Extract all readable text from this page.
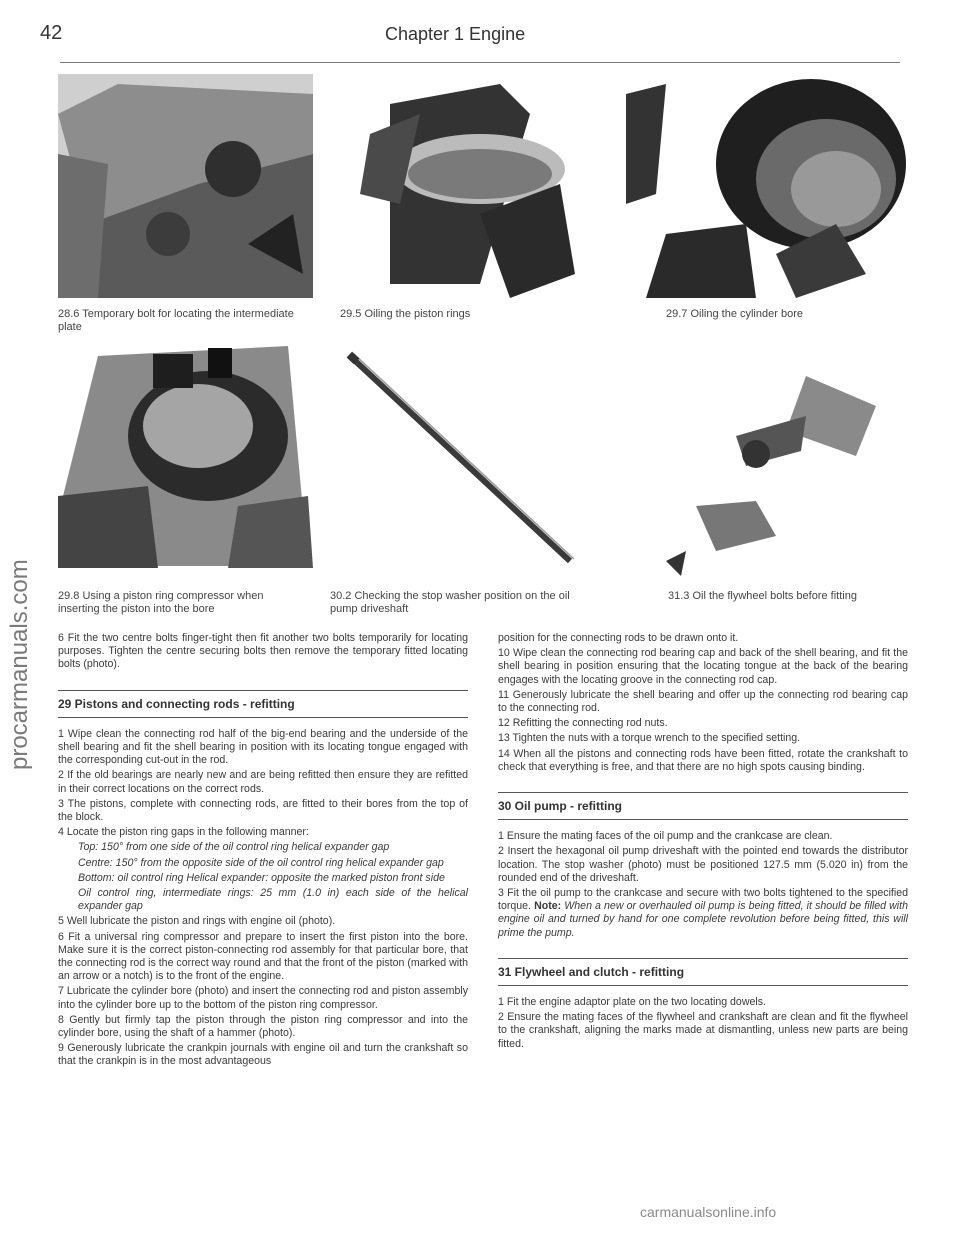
42	Chapter 1 Engine
procarmanuals.com
28.6 Temporary bolt for locating the intermediate plate
29.5 Oiling the piston rings	29.7 Oiling the cylinder bore
29.8 Using a piston ring compressor when inserting the piston into the bore
30.2 Checking the stop washer position on the oil pump driveshaft
31.3 Oil the flywheel bolts before fitting

6 Fit the two centre bolts finger-tight then fit another two bolts temporarily for locating purposes. Tighten the centre securing bolts then remove the temporary fitted locating bolts (photo).

29 Pistons and connecting rods - refitting

1 Wipe clean the connecting rod half of the big-end bearing and the underside of the shell bearing and fit the shell bearing in position with its locating tongue engaged with the corresponding cut-out in the rod.

2 If the old bearings are nearly new and are being refitted then ensure they are refitted in their correct locations on the correct rods.

3 The pistons, complete with connecting rods, are fitted to their bores from the top of the block.

4 Locate the piston ring gaps in the following manner:

Top: 150° from one side of the oil control ring helical expander gap

Centre: 150° from the opposite side of the oil control ring helical expander gap

Bottom: oil control ring Helical expander: opposite the marked piston front side

Oil control ring, intermediate rings: 25 mm (1.0 in) each side of the helical expander gap

5 Well lubricate the piston and rings with engine oil (photo).

6 Fit a universal ring compressor and prepare to insert the first piston into the bore. Make sure it is the correct piston-connecting rod assembly for that particular bore, that the connecting rod is the correct way round and that the front of the piston (marked with an arrow or a notch) is to the front of the engine.

7 Lubricate the cylinder bore (photo) and insert the connecting rod and piston assembly into the cylinder bore up to the bottom of the piston ring compressor.

8 Gently but firmly tap the piston through the piston ring compressor and into the cylinder bore, using the shaft of a hammer (photo).

9 Generously lubricate the crankpin journals with engine oil and turn the crankshaft so that the crankpin is in the most advantageous

position for the connecting rods to be drawn onto it.

10 Wipe clean the connecting rod bearing cap and back of the shell bearing, and fit the shell bearing in position ensuring that the locating tongue at the back of the bearing engages with the locating groove in the connecting rod cap.

11 Generously lubricate the shell bearing and offer up the connecting rod bearing cap to the connecting rod.

12 Refitting the connecting rod nuts.

13 Tighten the nuts with a torque wrench to the specified setting.

14 When all the pistons and connecting rods have been fitted, rotate the crankshaft to check that everything is free, and that there are no high spots causing binding.

30 Oil pump - refitting

1 Ensure the mating faces of the oil pump and the crankcase are clean.

2 Insert the hexagonal oil pump driveshaft with the pointed end towards the distributor location. The stop washer (photo) must be positioned 127.5 mm (5.020 in) from the rounded end of the driveshaft.

3 Fit the oil pump to the crankcase and secure with two bolts tightened to the specified torque. Note: When a new or overhauled oil pump is being fitted, it should be filled with engine oil and turned by hand for one complete revolution before being fitted, this will prime the pump.

31 Flywheel and clutch - refitting

1 Fit the engine adaptor plate on the two locating dowels.

2 Ensure the mating faces of the flywheel and crankshaft are clean and fit the flywheel to the crankshaft, aligning the marks made at dismantling, unless new parts are being fitted.

carmanualsonline.info
